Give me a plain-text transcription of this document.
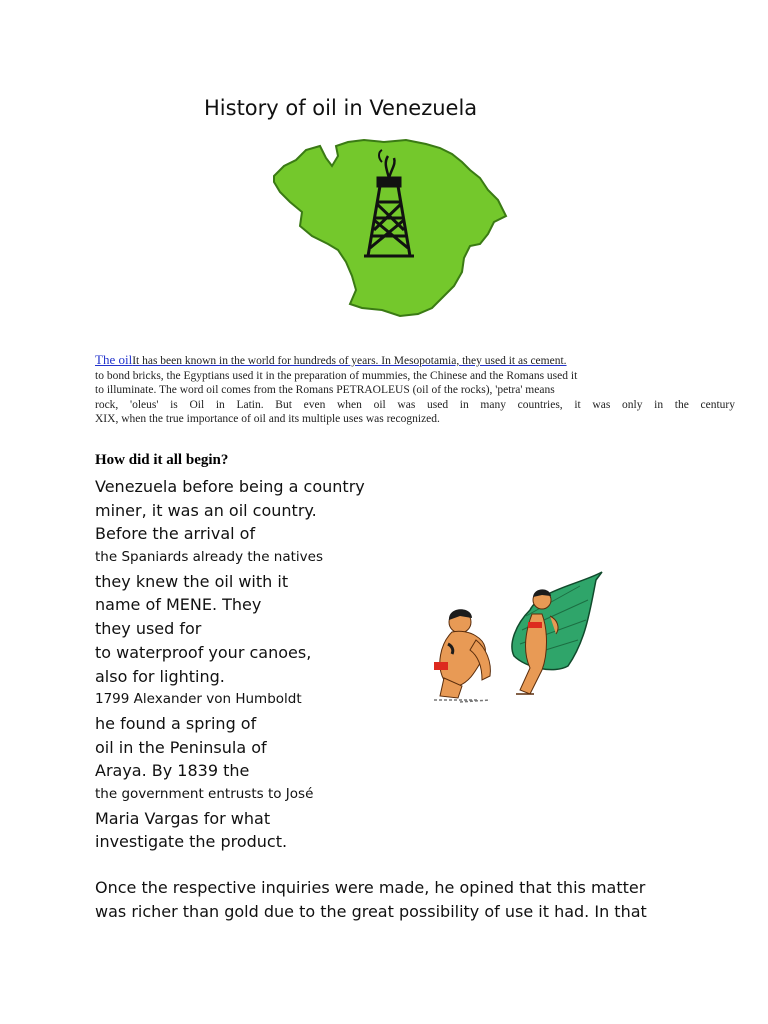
History of oil in Venezuela
The oilIt has been known in the world for hundreds of years. In Mesopotamia, they used it as cement.
to bond bricks, the Egyptians used it in the preparation of mummies, the Chinese and the Romans used it
to illuminate. The word oil comes from the Romans PETRAOLEUS (oil of the rocks), 'petra' means
rock, 'oleus' is Oil in Latin. But even when oil was used in many countries, it was only in the century
XIX, when the true importance of oil and its multiple uses was recognized.
How did it all begin?
Venezuela before being a country
miner, it was an oil country.
Before the arrival of
the Spaniards already the natives
they knew the oil with it
name of MENE. They
they used for
to waterproof your canoes,
also for lighting.
1799 Alexander von Humboldt
he found a spring of
oil in the Peninsula of
Araya. By 1839 the
the government entrusts to José
Maria Vargas for what
investigate the product.
Once the respective inquiries were made, he opined that this matter
was richer than gold due to the great possibility of use it had. In that
